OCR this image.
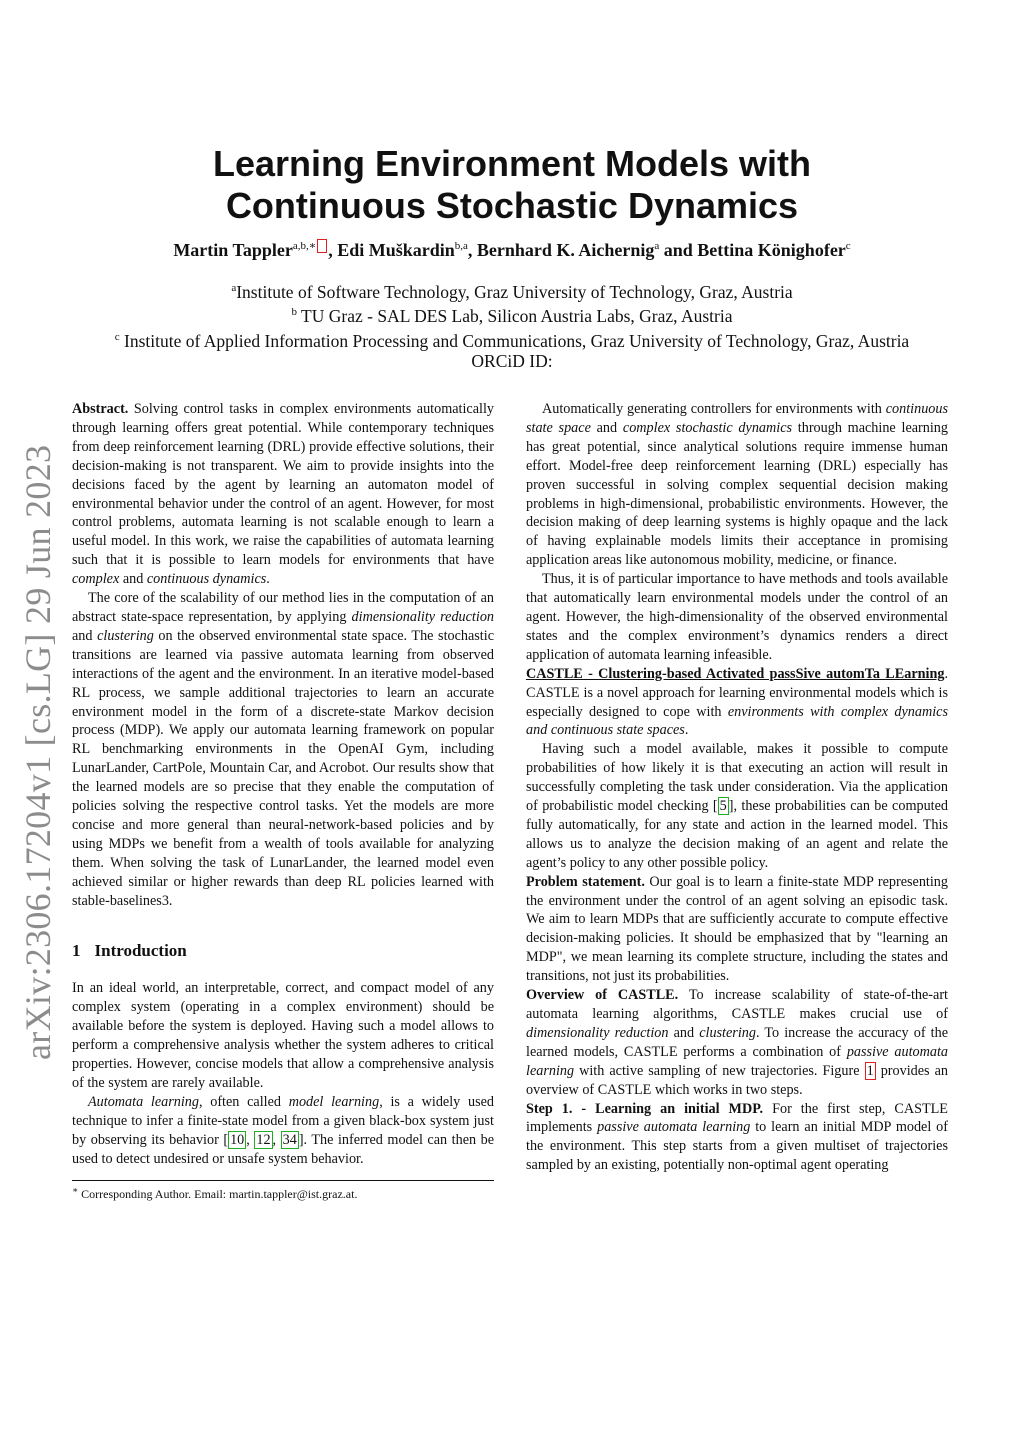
arXiv:2306.17204v1 [cs.LG] 29 Jun 2023
Learning Environment Models with
Continuous Stochastic Dynamics
Martin Tappler$^{a,b,∗}$ , Edi Muškardin$^{b,a}$, Bernhard K. Aichernig$^a$ and Bettina Könighofer$^c$
$^a$Institute of Software Technology, Graz University of Technology, Graz, Austria
$^b$ TU Graz - SAL DES Lab, Silicon Austria Labs, Graz, Austria
$^c$ Institute of Applied Information Processing and Communications, Graz University of Technology, Graz, Austria
ORCiD ID:

Abstract. Solving control tasks in complex environments automatically through learning offers great potential. While contemporary techniques from deep reinforcement learning (DRL) provide effective solutions, their decision-making is not transparent. We aim to provide insights into the decisions faced by the agent by learning an automaton model of environmental behavior under the control of an agent. However, for most control problems, automata learning is not scalable enough to learn a useful model. In this work, we raise the capabilities of automata learning such that it is possible to learn models for environments that have complex and continuous dynamics.

The core of the scalability of our method lies in the computation of an abstract state-space representation, by applying dimensionality reduction and clustering on the observed environmental state space. The stochastic transitions are learned via passive automata learning from observed interactions of the agent and the environment. In an iterative model-based RL process, we sample additional trajectories to learn an accurate environment model in the form of a discrete-state Markov decision process (MDP). We apply our automata learning framework on popular RL benchmarking environments in the OpenAI Gym, including LunarLander, CartPole, Mountain Car, and Acrobot. Our results show that the learned models are so precise that they enable the computation of policies solving the respective control tasks. Yet the models are more concise and more general than neural-network-based policies and by using MDPs we benefit from a wealth of tools available for analyzing them. When solving the task of LunarLander, the learned model even achieved similar or higher rewards than deep RL policies learned with stable-baselines3.

1 Introduction

In an ideal world, an interpretable, correct, and compact model of any complex system (operating in a complex environment) should be available before the system is deployed. Having such a model allows to perform a comprehensive analysis whether the system adheres to critical properties. However, concise models that allow a comprehensive analysis of the system are rarely available.

Automata learning, often called model learning, is a widely used technique to infer a finite-state model from a given black-box system just by observing its behavior [ 10 , 12 , 34 ]. The inferred model can then be used to detect undesired or unsafe system behavior.

∗ Corresponding Author. Email: martin.tappler@ist.graz.at.

Automatically generating controllers for environments with continuous state space and complex stochastic dynamics through machine learning has great potential, since analytical solutions require immense human effort. Model-free deep reinforcement learning (DRL) especially has proven successful in solving complex sequential decision making problems in high-dimensional, probabilistic environments. However, the decision making of deep learning systems is highly opaque and the lack of having explainable models limits their acceptance in promising application areas like autonomous mobility, medicine, or finance.

Thus, it is of particular importance to have methods and tools available that automatically learn environmental models under the control of an agent. However, the high-dimensionality of the observed environmental states and the complex environment’s dynamics renders a direct application of automata learning infeasible.

CASTLE - Clustering-based Activated passSive automTa LEarning. CASTLE is a novel approach for learning environmental models which is especially designed to cope with environments with complex dynamics and continuous state spaces.

Having such a model available, makes it possible to compute probabilities of how likely it is that executing an action will result in successfully completing the task under consideration. Via the application of probabilistic model checking [ 5 ], these probabilities can be computed fully automatically, for any state and action in the learned model. This allows us to analyze the decision making of an agent and relate the agent’s policy to any other possible policy.

Problem statement. Our goal is to learn a finite-state MDP representing the environment under the control of an agent solving an episodic task. We aim to learn MDPs that are sufficiently accurate to compute effective decision-making policies. It should be emphasized that by "learning an MDP", we mean learning its complete structure, including the states and transitions, not just its probabilities.

Overview of CASTLE. To increase scalability of state-of-the-art automata learning algorithms, CASTLE makes crucial use of dimensionality reduction and clustering. To increase the accuracy of the learned models, CASTLE performs a combination of passive automata learning with active sampling of new trajectories. Figure 1 provides an overview of CASTLE which works in two steps.

Step 1. - Learning an initial MDP. For the first step, CASTLE implements passive automata learning to learn an initial MDP model of the environment. This step starts from a given multiset of trajectories sampled by an existing, potentially non-optimal agent operating
